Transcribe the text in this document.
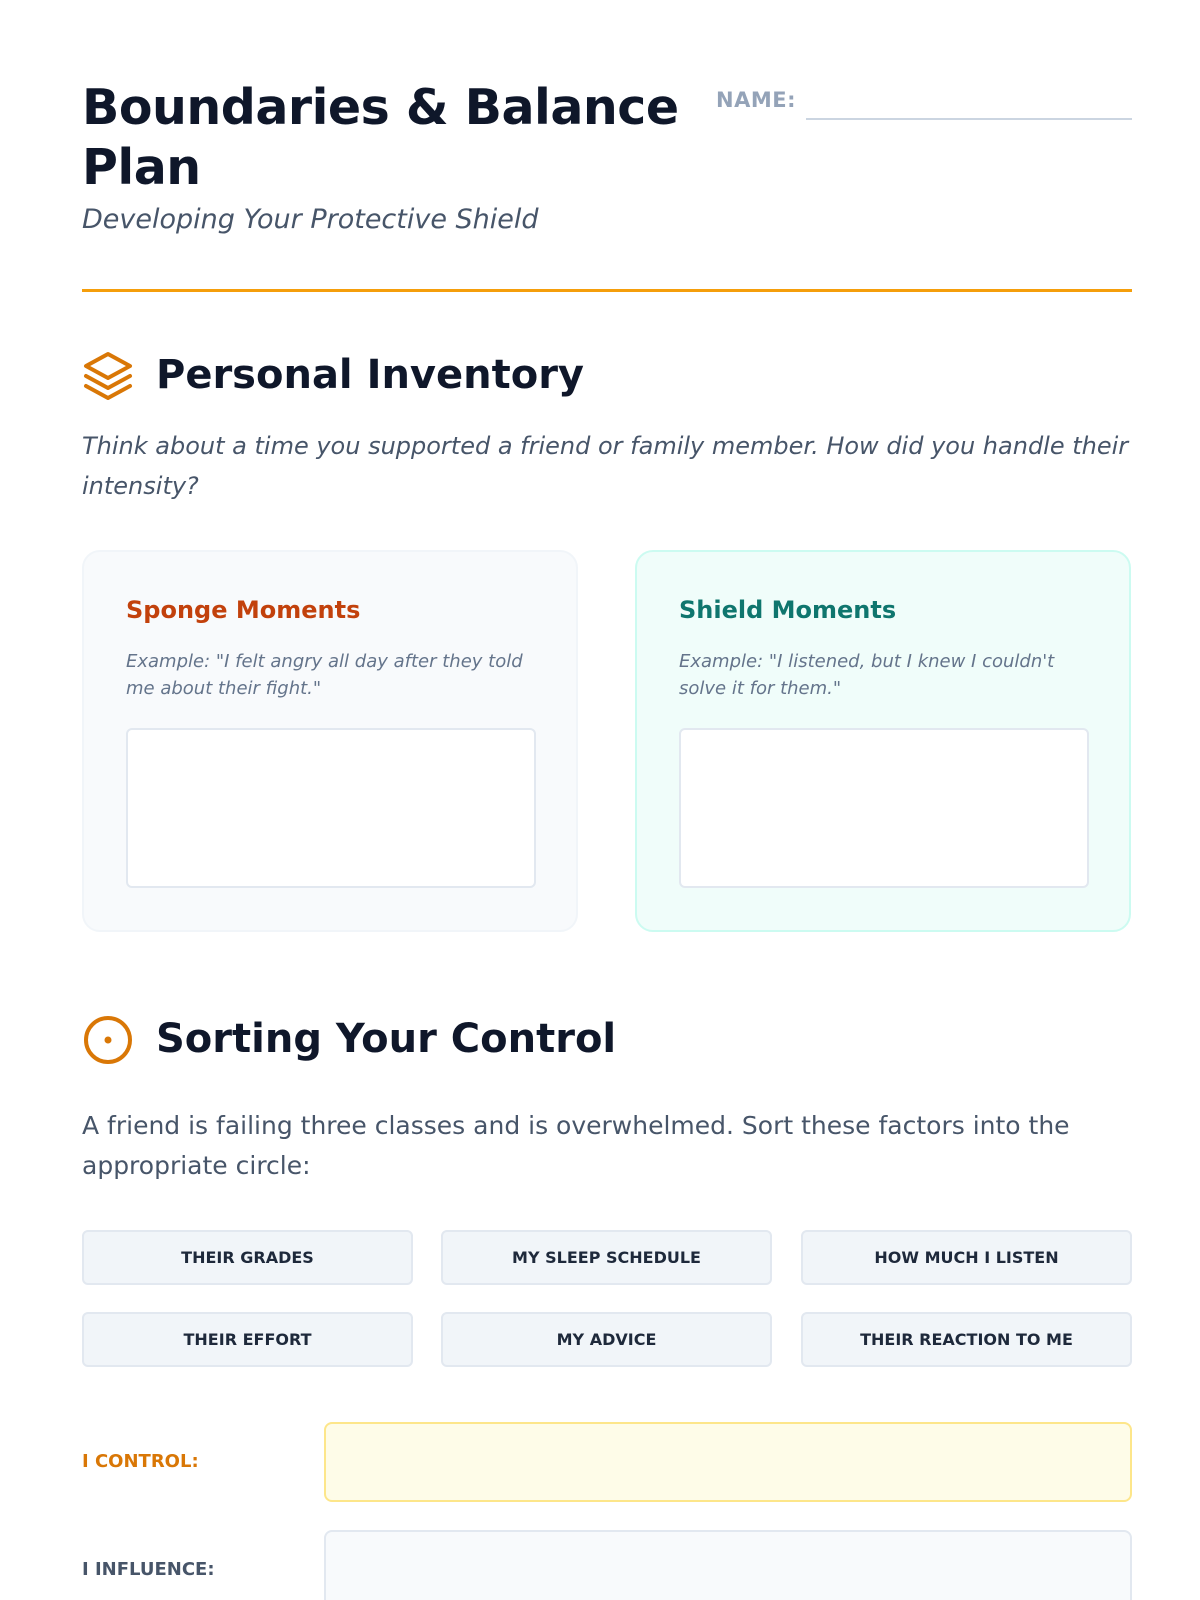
Boundaries & Balance Plan
Developing Your Protective Shield
NAME:
Personal Inventory
Think about a time you supported a friend or family member. How did you handle their intensity?
Sponge Moments
Example: "I felt angry all day after they told me about their fight."
Shield Moments
Example: "I listened, but I knew I couldn't solve it for them."
Sorting Your Control
A friend is failing three classes and is overwhelmed. Sort these factors into the appropriate circle:
THEIR GRADES	MY SLEEP SCHEDULE	HOW MUCH I LISTEN
THEIR EFFORT	MY ADVICE	THEIR REACTION TO ME
I CONTROL:
I INFLUENCE:
